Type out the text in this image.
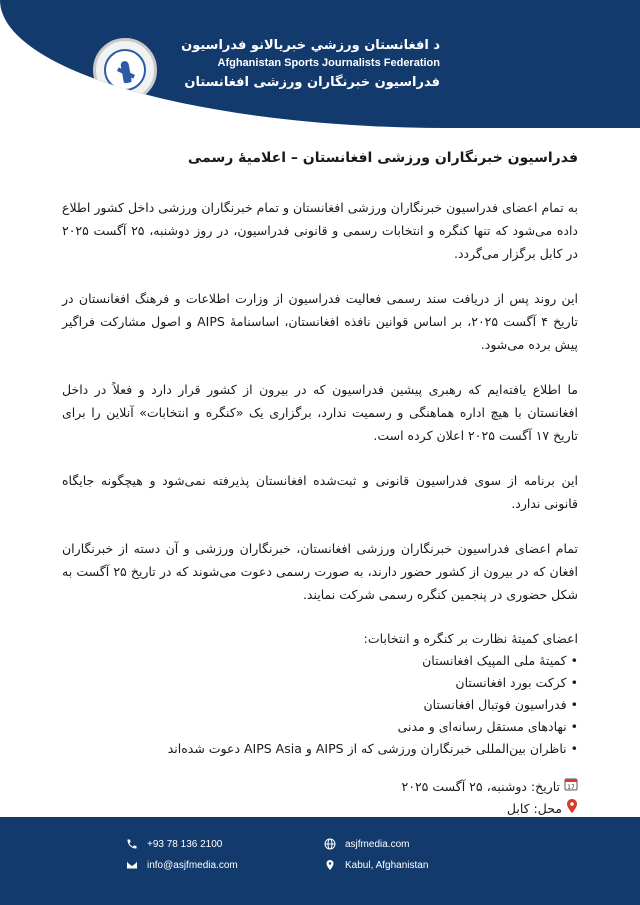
د افغانستان ورزشي خبريالانو فدراسيون
Afghanistan Sports Journalists Federation
فدراسیون خبرنگاران ورزشی افغانستان
فدراسیون خبرنگاران ورزشی افغانستان – اعلامیهٔ رسمی

به تمام اعضای فدراسیون خبرنگاران ورزشی افغانستان و تمام خبرنگاران ورزشی داخل کشور اطلاع داده می‌شود که تنها کنگره و انتخابات رسمی و قانونی فدراسیون، در روز دوشنبه، ۲۵ آگست ۲۰۲۵ در کابل برگزار می‌گردد.

این روند پس از دریافت سند رسمی فعالیت فدراسیون از وزارت اطلاعات و فرهنگ افغانستان در تاریخ ۴ آگست ۲۰۲۵، بر اساس قوانین نافذه افغانستان، اساسنامهٔ AIPS و اصول مشارکت فراگیر پیش برده می‌شود.

ما اطلاع یافته‌ایم که رهبری پیشین فدراسیون که در بیرون از کشور قرار دارد و فعلاً در داخل افغانستان با هیچ اداره هماهنگی و رسمیت ندارد، برگزاری یک «کنگره و انتخابات» آنلاین را برای تاریخ ۱۷ آگست ۲۰۲۵ اعلان کرده است.

این برنامه از سوی فدراسیون قانونی و ثبت‌شده افغانستان پذیرفته نمی‌شود و هیچگونه جایگاه قانونی ندارد.

تمام اعضای فدراسیون خبرنگاران ورزشی افغانستان، خبرنگاران ورزشی و آن دسته از خبرنگاران افغان که در بیرون از کشور حضور دارند، به صورت رسمی دعوت می‌شوند که در تاریخ ۲۵ آگست به شکل حضوری در پنجمین کنگره رسمی شرکت نمایند.

اعضای کمیتهٔ نظارت بر کنگره و انتخابات:
• کمیتهٔ ملی المپیک افغانستان
• کرکت بورد افغانستان
• فدراسیون فوتبال افغانستان
• نهادهای مستقل رسانه‌ای و مدنی
• ناظران بین‌المللی خبرنگاران ورزشی که از AIPS و AIPS Asia دعوت شده‌اند
17
تاریخ: دوشنبه، ۲۵ آگست ۲۰۲۵
محل: کابل
+93 78 136 2100
info@asjfmedia.com
asjfmedia.com
Kabul, Afghanistan
